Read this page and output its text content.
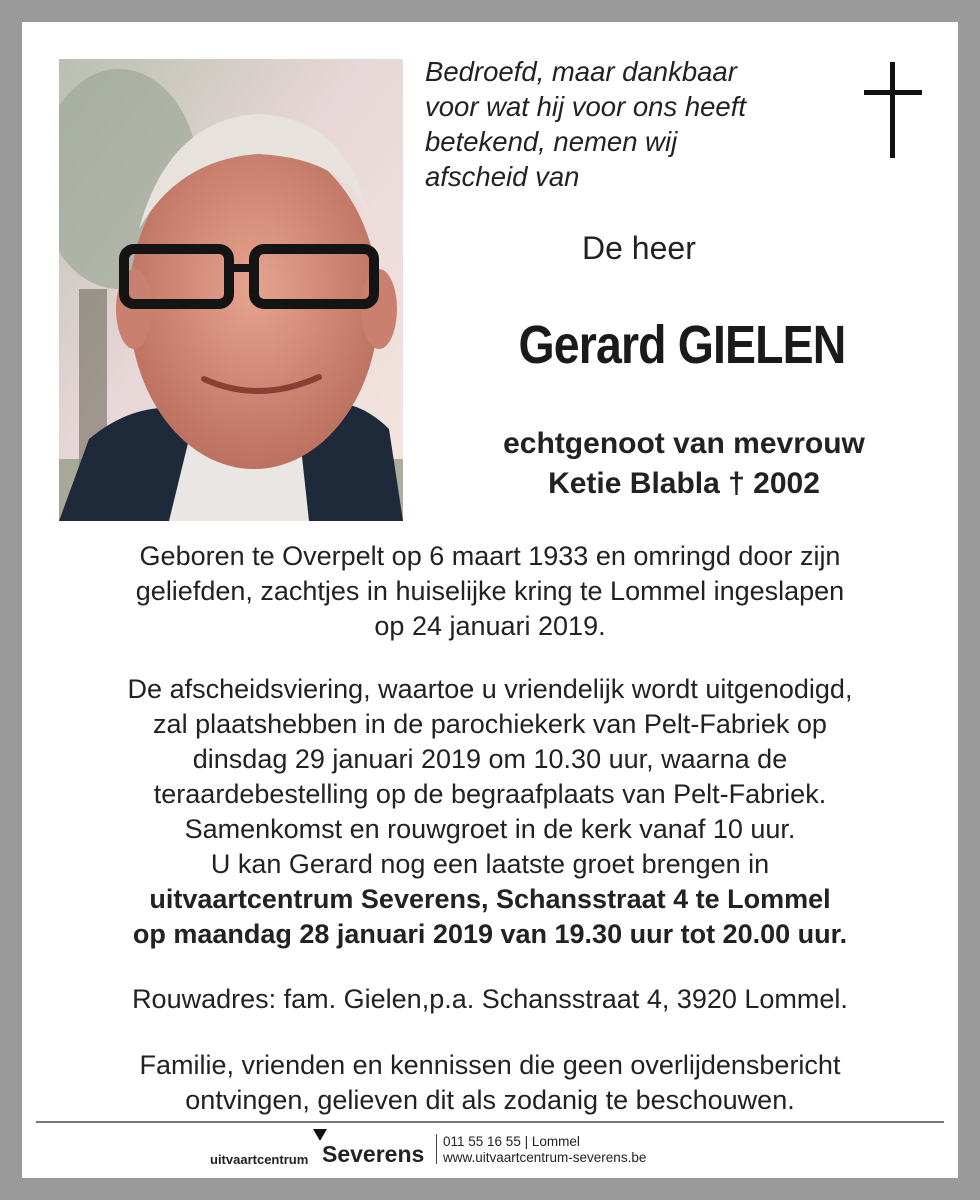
Bedroefd, maar dankbaar
voor wat hij voor ons heeft
betekend, nemen wij
afscheid van
De heer
Gerard GIELEN
echtgenoot van mevrouw
Ketie Blabla † 2002
Geboren te Overpelt op 6 maart 1933 en omringd door zijn
geliefden, zachtjes in huiselijke kring te Lommel ingeslapen
op 24 januari 2019.
De afscheidsviering, waartoe u vriendelijk wordt uitgenodigd,
zal plaatshebben in de parochiekerk van Pelt-Fabriek op
dinsdag 29 januari 2019 om 10.30 uur, waarna de
teraardebestelling op de begraafplaats van Pelt-Fabriek.
Samenkomst en rouwgroet in de kerk vanaf 10 uur.
U kan Gerard nog een laatste groet brengen in
uitvaartcentrum Severens, Schansstraat 4 te Lommel
op maandag 28 januari 2019 van 19.30 uur tot 20.00 uur.
Rouwadres: fam. Gielen,p.a. Schansstraat 4, 3920 Lommel.
Familie, vrienden en kennissen die geen overlijdensbericht
ontvingen, gelieven dit als zodanig te beschouwen.
uitvaartcentrum Severens 011 55 16 55 | Lommel
www.uitvaartcentrum-severens.be
